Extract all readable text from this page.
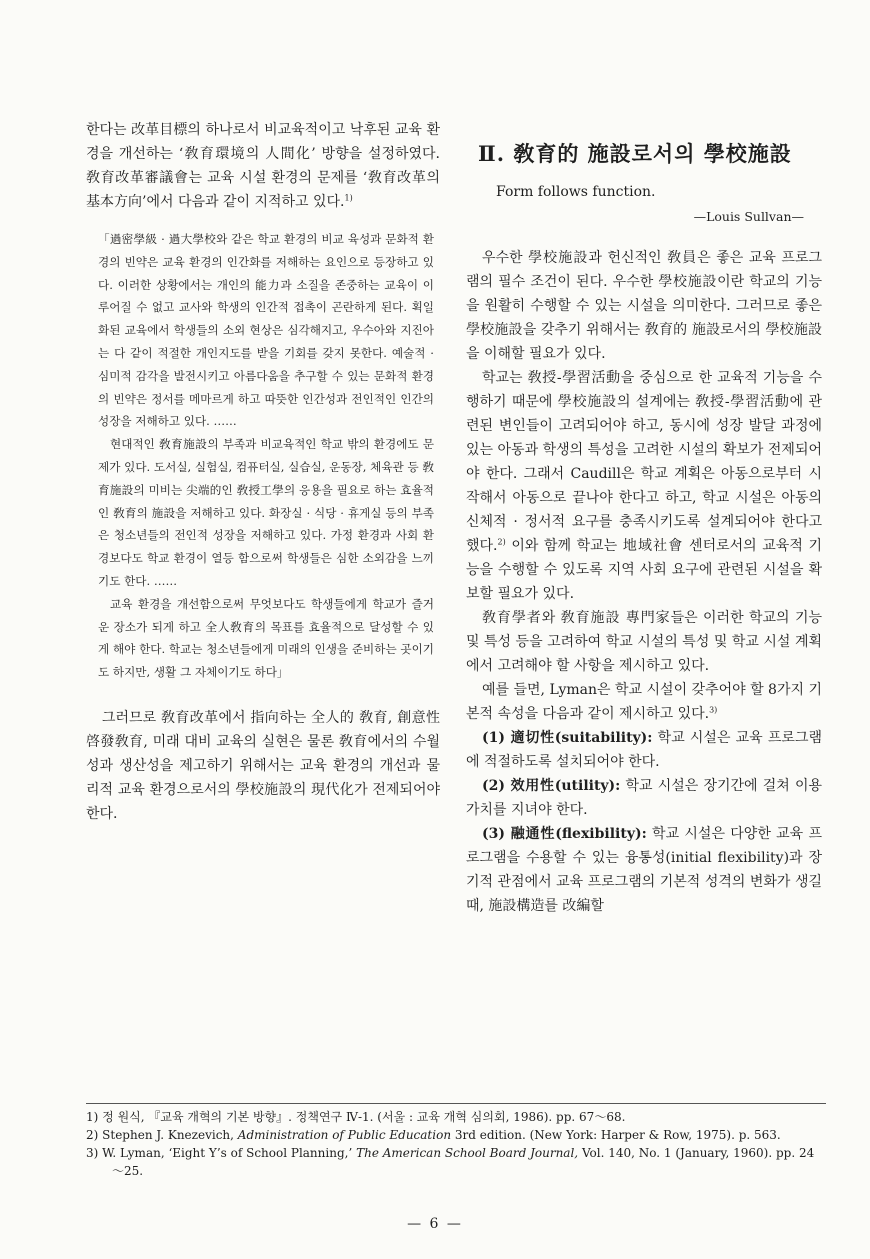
한다는 改革目標의 하나로서 비교육적이고 낙후된 교육 환경을 개선하는 ‘敎育環境의 人間化’ 방향을 설정하였다. 敎育改革審議會는 교육 시설 환경의 문제를 ‘敎育改革의 基本方向’에서 다음과 같이 지적하고 있다.$^{1)}$

「過密學級 · 過大學校와 같은 학교 환경의 비교 육성과 문화적 환경의 빈약은 교육 환경의 인간화를 저해하는 요인으로 등장하고 있다. 이러한 상황에서는 개인의 能力과 소질을 존중하는 교육이 이루어질 수 없고 교사와 학생의 인간적 접촉이 곤란하게 된다. 획일화된 교육에서 학생들의 소외 현상은 심각해지고, 우수아와 지진아는 다 같이 적절한 개인지도를 받을 기회를 갖지 못한다. 예술적 · 심미적 감각을 발전시키고 아름다움을 추구할 수 있는 문화적 환경의 빈약은 정서를 메마르게 하고 따뜻한 인간성과 전인적인 인간의 성장을 저해하고 있다. ……

현대적인 敎育施設의 부족과 비교육적인 학교 밖의 환경에도 문제가 있다. 도서실, 실험실, 컴퓨터실, 실습실, 운동장, 체육관 등 敎育施設의 미비는 尖端的인 敎授工學의 응용을 필요로 하는 효율적인 敎育의 施設을 저해하고 있다. 화장실 · 식당 · 휴게실 등의 부족은 청소년들의 전인적 성장을 저해하고 있다. 가정 환경과 사회 환경보다도 학교 환경이 열등 함으로써 학생들은 심한 소외감을 느끼기도 한다. ……

교육 환경을 개선함으로써 무엇보다도 학생들에게 학교가 즐거운 장소가 되게 하고 全人敎育의 목표를 효율적으로 달성할 수 있게 해야 한다. 학교는 청소년들에게 미래의 인생을 준비하는 곳이기도 하지만, 생활 그 자체이기도 하다」

그러므로 敎育改革에서 指向하는 全人的 敎育, 創意性 啓發敎育, 미래 대비 교육의 실현은 물론 敎育에서의 수월성과 생산성을 제고하기 위해서는 교육 환경의 개선과 물리적 교육 환경으로서의 學校施設의 現代化가 전제되어야 한다.

Ⅱ. 敎育的 施設로서의 學校施設

Form follows function.

—Louis Sullvan—

우수한 學校施設과 헌신적인 敎員은 좋은 교육 프로그램의 필수 조건이 된다. 우수한 學校施設이란 학교의 기능을 원활히 수행할 수 있는 시설을 의미한다. 그러므로 좋은 學校施設을 갖추기 위해서는 敎育的 施設로서의 學校施設을 이해할 필요가 있다.

학교는 敎授-學習活動을 중심으로 한 교육적 기능을 수행하기 때문에 學校施設의 설계에는 敎授-學習活動에 관련된 변인들이 고려되어야 하고, 동시에 성장 발달 과정에 있는 아동과 학생의 특성을 고려한 시설의 확보가 전제되어야 한다. 그래서 Caudill은 학교 계획은 아동으로부터 시작해서 아동으로 끝나야 한다고 하고, 학교 시설은 아동의 신체적 · 정서적 요구를 충족시키도록 설계되어야 한다고 했다.$^{2)}$ 이와 함께 학교는 地域社會 센터로서의 교육적 기능을 수행할 수 있도록 지역 사회 요구에 관련된 시설을 확보할 필요가 있다.

敎育學者와 敎育施設 專門家들은 이러한 학교의 기능 및 특성 등을 고려하여 학교 시설의 특성 및 학교 시설 계획에서 고려해야 할 사항을 제시하고 있다.

예를 들면, Lyman은 학교 시설이 갖추어야 할 8가지 기본적 속성을 다음과 같이 제시하고 있다.$^{3)}$

(1) 適切性(suitability): 학교 시설은 교육 프로그램에 적절하도록 설치되어야 한다.

(2) 效用性(utility): 학교 시설은 장기간에 걸쳐 이용 가치를 지녀야 한다.

(3) 融通性(flexibility): 학교 시설은 다양한 교육 프로그램을 수용할 수 있는 융통성(initial flexibility)과 장기적 관점에서 교육 프로그램의 기본적 성격의 변화가 생길 때, 施設構造를 改編할

1) 정 원식, 『교육 개혁의 기본 방향』. 정책연구 Ⅳ-1. (서울 : 교육 개혁 심의회, 1986). pp. 67～68.

2) Stephen J. Knezevich, Administration of Public Education 3rd edition. (New York: Harper & Row, 1975). p. 563.

3) W. Lyman, ‘Eight Y’s of School Planning,’ The American School Board Journal, Vol. 140, No. 1 (January, 1960). pp. 24～25.

— 6 —
